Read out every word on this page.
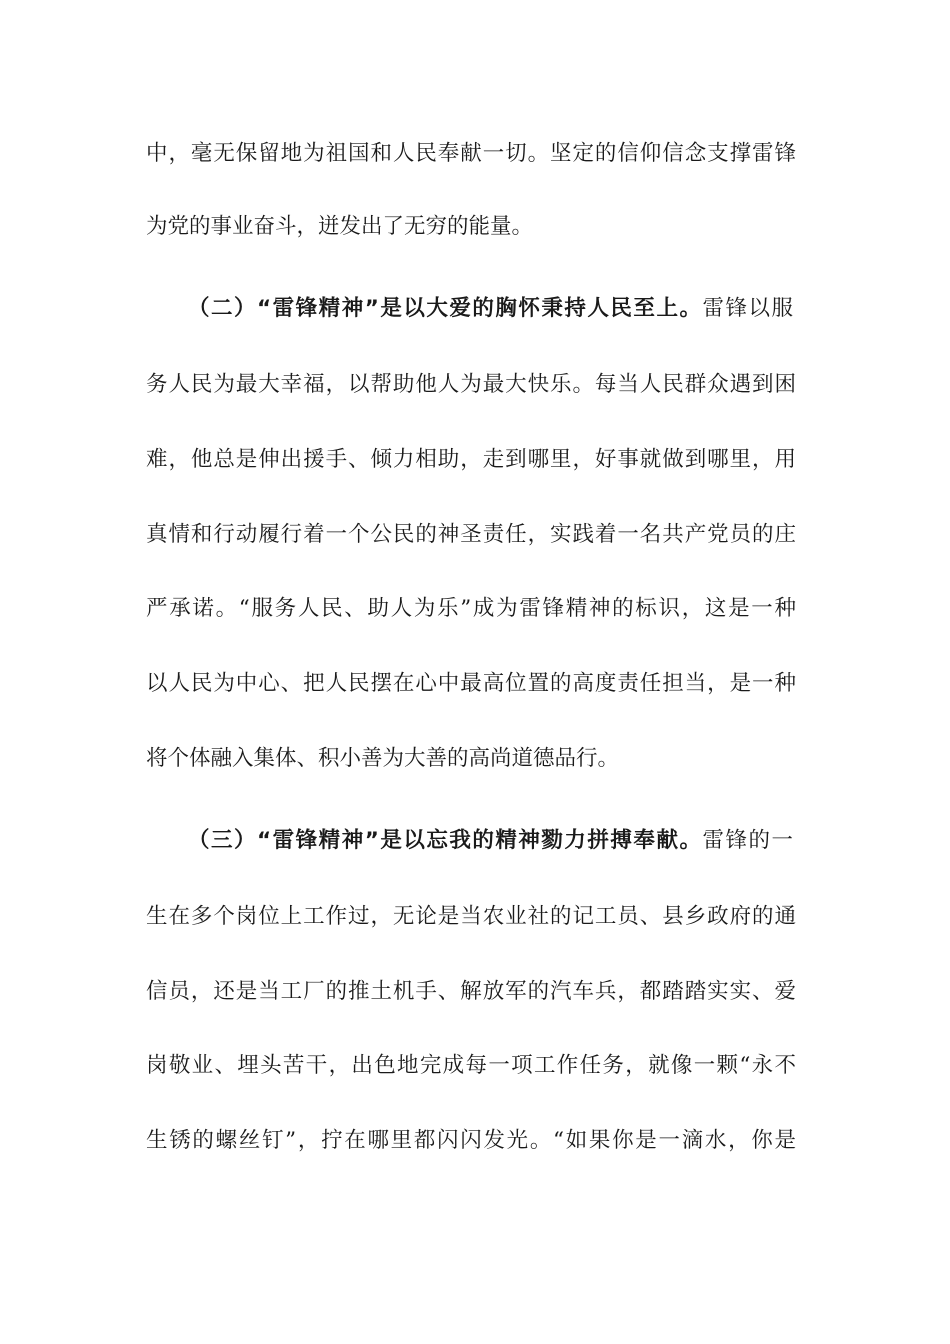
中，毫无保留地为祖国和人民奉献一切。坚定的信仰信念支撑雷锋
为党的事业奋斗，迸发出了无穷的能量。
（二）“雷锋精神”是以大爱的胸怀秉持人民至上。雷锋以服
务人民为最大幸福，以帮助他人为最大快乐。每当人民群众遇到困
难，他总是伸出援手、倾力相助，走到哪里，好事就做到哪里，用
真情和行动履行着一个公民的神圣责任，实践着一名共产党员的庄
严承诺。“服务人民、助人为乐”成为雷锋精神的标识，这是一种
以人民为中心、把人民摆在心中最高位置的高度责任担当，是一种
将个体融入集体、积小善为大善的高尚道德品行。
（三）“雷锋精神”是以忘我的精神勠力拼搏奉献。雷锋的一
生在多个岗位上工作过，无论是当农业社的记工员、县乡政府的通
信员，还是当工厂的推土机手、解放军的汽车兵，都踏踏实实、爱
岗敬业、埋头苦干，出色地完成每一项工作任务，就像一颗“永不
生锈的螺丝钉”，拧在哪里都闪闪发光。“如果你是一滴水，你是
